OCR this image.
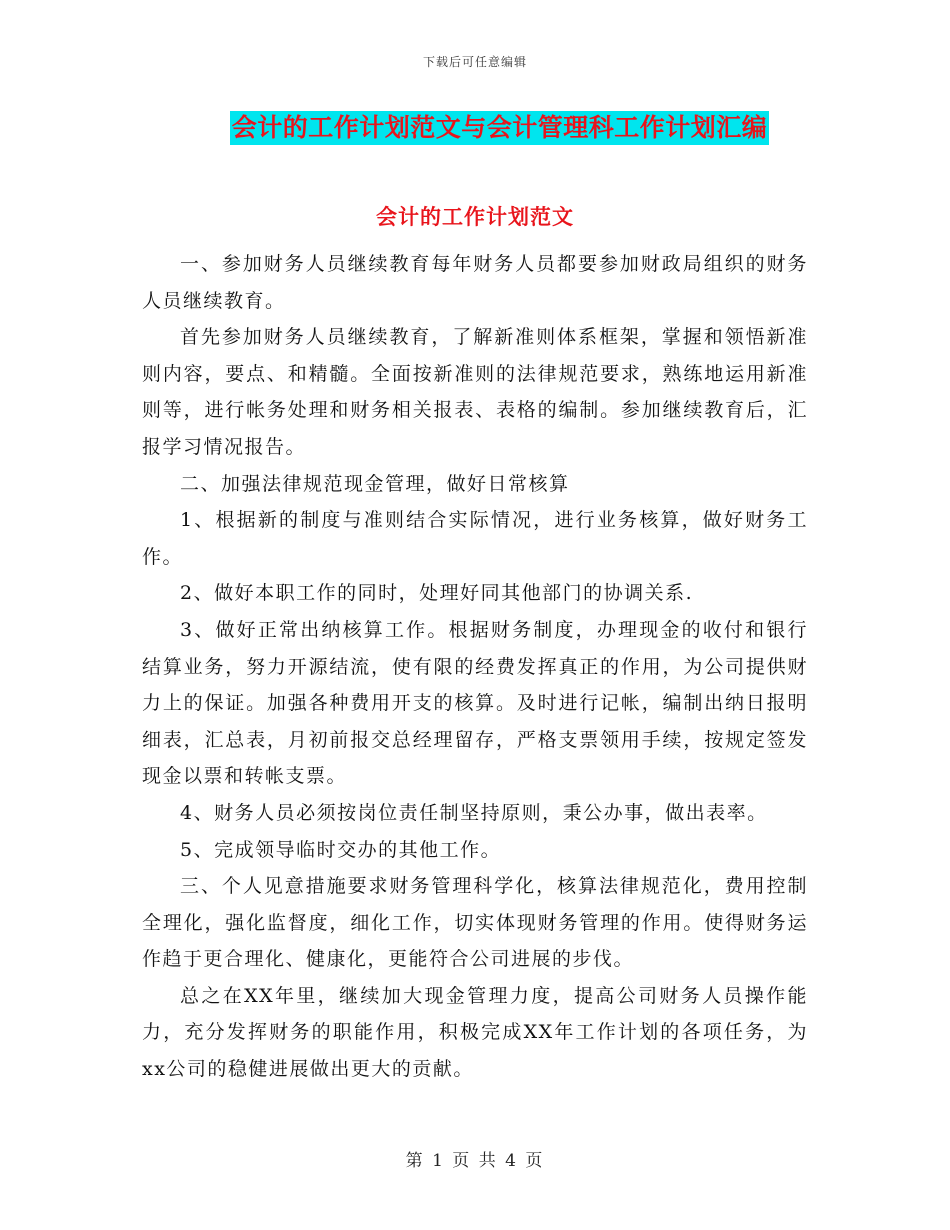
下载后可任意编辑
会计的工作计划范文与会计管理科工作计划汇编
会计的工作计划范文

一、参加财务人员继续教育每年财务人员都要参加财政局组织的财务人员继续教育。

首先参加财务人员继续教育，了解新准则体系框架，掌握和领悟新准则内容，要点、和精髓。全面按新准则的法律规范要求，熟练地运用新准则等，进行帐务处理和财务相关报表、表格的编制。参加继续教育后，汇报学习情况报告。

二、加强法律规范现金管理，做好日常核算

1、根据新的制度与准则结合实际情况，进行业务核算，做好财务工作。

2、做好本职工作的同时，处理好同其他部门的协调关系.

3、做好正常出纳核算工作。根据财务制度，办理现金的收付和银行结算业务，努力开源结流，使有限的经费发挥真正的作用，为公司提供财力上的保证。加强各种费用开支的核算。及时进行记帐，编制出纳日报明细表，汇总表，月初前报交总经理留存，严格支票领用手续，按规定签发现金以票和转帐支票。

4、财务人员必须按岗位责任制坚持原则，秉公办事，做出表率。

5、完成领导临时交办的其他工作。

三、个人见意措施要求财务管理科学化，核算法律规范化，费用控制全理化，强化监督度，细化工作，切实体现财务管理的作用。使得财务运作趋于更合理化、健康化，更能符合公司进展的步伐。

总之在XX年里，继续加大现金管理力度，提高公司财务人员操作能力，充分发挥财务的职能作用，积极完成XX年工作计划的各项任务，为xx公司的稳健进展做出更大的贡献。

第 1 页 共 4 页
